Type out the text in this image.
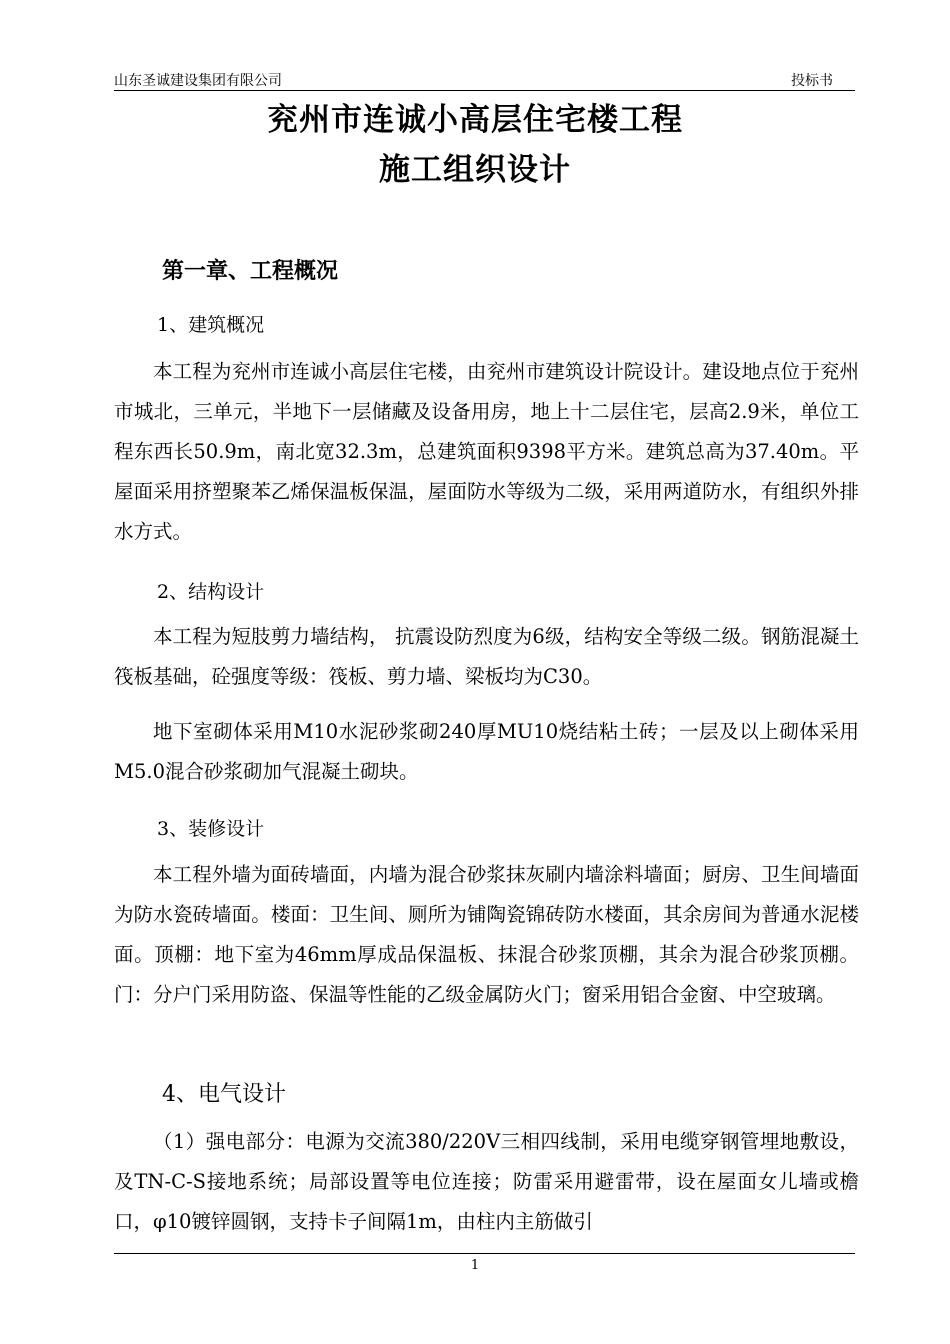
山东圣诚建设集团有限公司	投标书
兖州市连诚小高层住宅楼工程
施工组织设计
第一章、工程概况
1、建筑概况
本工程为兖州市连诚小高层住宅楼，由兖州市建筑设计院设计。建设地点位于兖州市城北，三单元，半地下一层储藏及设备用房，地上十二层住宅，层高2.9米，单位工程东西长50.9m，南北宽32.3m，总建筑面积9398平方米。建筑总高为37.40m。平屋面采用挤塑聚苯乙烯保温板保温，屋面防水等级为二级，采用两道防水，有组织外排水方式。
2、结构设计
本工程为短肢剪力墙结构， 抗震设防烈度为6级，结构安全等级二级。钢筋混凝土筏板基础，砼强度等级：筏板、剪力墙、梁板均为C30。
地下室砌体采用M10水泥砂浆砌240厚MU10烧结粘土砖；一层及以上砌体采用M5.0混合砂浆砌加气混凝土砌块。
3、装修设计
本工程外墙为面砖墙面，内墙为混合砂浆抹灰刷内墙涂料墙面；厨房、卫生间墙面为防水瓷砖墙面。楼面：卫生间、厕所为铺陶瓷锦砖防水楼面，其余房间为普通水泥楼面。顶棚：地下室为46mm厚成品保温板、抹混合砂浆顶棚，其余为混合砂浆顶棚。门：分户门采用防盗、保温等性能的乙级金属防火门；窗采用铝合金窗、中空玻璃。
4、电气设计
（1）强电部分：电源为交流380/220V三相四线制，采用电缆穿钢管埋地敷设，及TN-C-S接地系统；局部设置等电位连接；防雷采用避雷带，设在屋面女儿墙或檐口，φ10镀锌圆钢，支持卡子间隔1m，由柱内主筋做引
1
